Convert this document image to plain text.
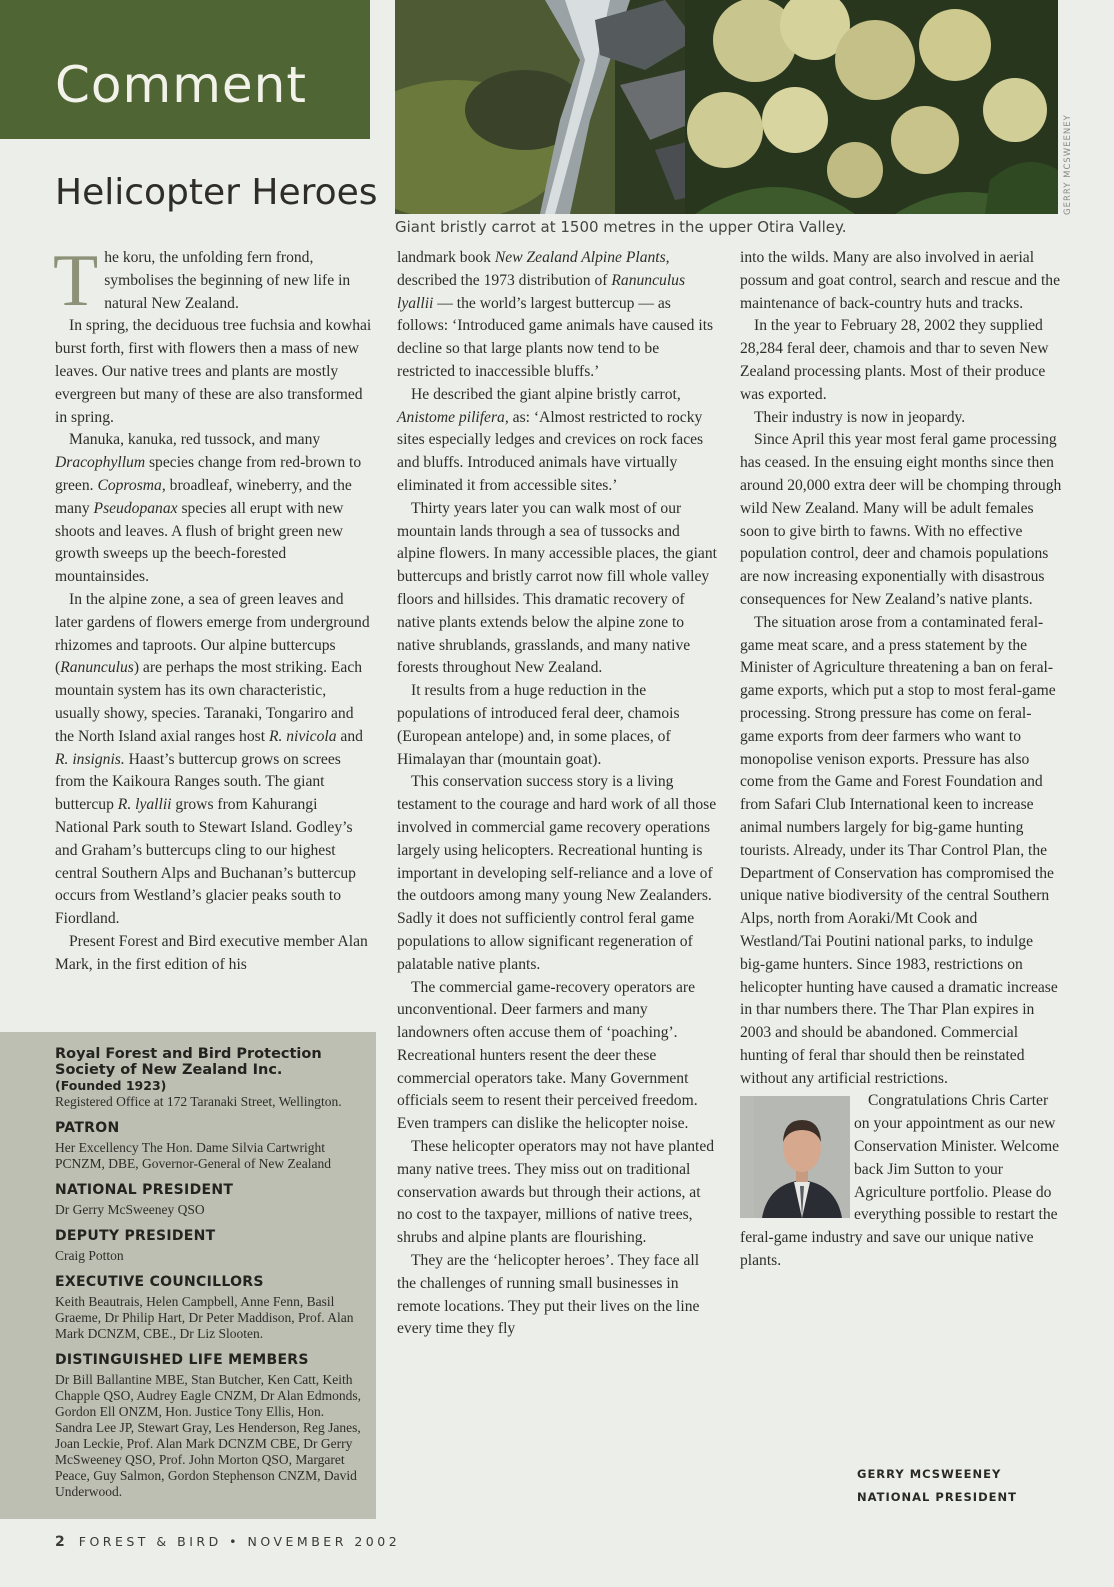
Comment
GERRY MCSWEENEY
Giant bristly carrot at 1500 metres in the upper Otira Valley.
Helicopter Heroes

The koru, the unfolding fern frond, symbolises the beginning of new life in natural New Zealand.

In spring, the deciduous tree fuchsia and kowhai burst forth, first with flowers then a mass of new leaves. Our native trees and plants are mostly evergreen but many of these are also transformed in spring.

Manuka, kanuka, red tussock, and many Dracophyllum species change from red-brown to green. Coprosma, broadleaf, wineberry, and the many Pseudopanax species all erupt with new shoots and leaves. A flush of bright green new growth sweeps up the beech-forested mountainsides.

In the alpine zone, a sea of green leaves and later gardens of flowers emerge from underground rhizomes and taproots. Our alpine buttercups (Ranunculus) are perhaps the most striking. Each mountain system has its own characteristic, usually showy, species. Taranaki, Tongariro and the North Island axial ranges host R. nivicola and R. insignis. Haast’s buttercup grows on screes from the Kaikoura Ranges south. The giant buttercup R. lyallii grows from Kahurangi National Park south to Stewart Island. Godley’s and Graham’s buttercups cling to our highest central Southern Alps and Buchanan’s buttercup occurs from Westland’s glacier peaks south to Fiordland.

Present Forest and Bird executive member Alan Mark, in the first edition of his

landmark book New Zealand Alpine Plants, described the 1973 distribution of Ranunculus lyallii — the world’s largest buttercup — as follows: ‘Introduced game animals have caused its decline so that large plants now tend to be restricted to inaccessible bluffs.’

He described the giant alpine bristly carrot, Anistome pilifera, as: ‘Almost restricted to rocky sites especially ledges and crevices on rock faces and bluffs. Introduced animals have virtually eliminated it from accessible sites.’

Thirty years later you can walk most of our mountain lands through a sea of tussocks and alpine flowers. In many accessible places, the giant buttercups and bristly carrot now fill whole valley floors and hillsides. This dramatic recovery of native plants extends below the alpine zone to native shrublands, grasslands, and many native forests throughout New Zealand.

It results from a huge reduction in the populations of introduced feral deer, chamois (European antelope) and, in some places, of Himalayan thar (mountain goat).

This conservation success story is a living testament to the courage and hard work of all those involved in commercial game recovery operations largely using helicopters. Recreational hunting is important in developing self-reliance and a love of the outdoors among many young New Zealanders. Sadly it does not sufficiently control feral game populations to allow significant regeneration of palatable native plants.

The commercial game-recovery operators are unconventional. Deer farmers and many landowners often accuse them of ‘poaching’. Recreational hunters resent the deer these commercial operators take. Many Government officials seem to resent their perceived freedom. Even trampers can dislike the helicopter noise.

These helicopter operators may not have planted many native trees. They miss out on traditional conservation awards but through their actions, at no cost to the taxpayer, millions of native trees, shrubs and alpine plants are flourishing.

They are the ‘helicopter heroes’. They face all the challenges of running small businesses in remote locations. They put their lives on the line every time they fly

into the wilds. Many are also involved in aerial possum and goat control, search and rescue and the maintenance of back-country huts and tracks.

In the year to February 28, 2002 they supplied 28,284 feral deer, chamois and thar to seven New Zealand processing plants. Most of their produce was exported.

Their industry is now in jeopardy.

Since April this year most feral game processing has ceased. In the ensuing eight months since then around 20,000 extra deer will be chomping through wild New Zealand. Many will be adult females soon to give birth to fawns. With no effective population control, deer and chamois populations are now increasing exponentially with disastrous consequences for New Zealand’s native plants.

The situation arose from a contaminated feral-game meat scare, and a press statement by the Minister of Agriculture threatening a ban on feral-game exports, which put a stop to most feral-game processing. Strong pressure has come on feral-game exports from deer farmers who want to monopolise venison exports. Pressure has also come from the Game and Forest Foundation and from Safari Club International keen to increase animal numbers largely for big-game hunting tourists. Already, under its Thar Control Plan, the Department of Conservation has compromised the unique native biodiversity of the central Southern Alps, north from Aoraki/Mt Cook and Westland/Tai Poutini national parks, to indulge big-game hunters. Since 1983, restrictions on helicopter hunting have caused a dramatic increase in thar numbers there. The Thar Plan expires in 2003 and should be abandoned. Commercial hunting of feral thar should then be reinstated without any artificial restrictions.

Congratulations Chris Carter on your appointment as our new Conservation Minister. Welcome back Jim Sutton to your Agriculture portfolio. Please do everything possible to restart the feral-game industry and save our unique native plants.

GERRY MCSWEENEY
NATIONAL PRESIDENT
Royal Forest and Bird Protection Society of New Zealand Inc.
(Founded 1923)

Registered Office at 172 Taranaki Street, Wellington.

PATRON

Her Excellency The Hon. Dame Silvia Cartwright PCNZM, DBE, Governor-General of New Zealand

NATIONAL PRESIDENT

Dr Gerry McSweeney QSO

DEPUTY PRESIDENT

Craig Potton

EXECUTIVE COUNCILLORS

Keith Beautrais, Helen Campbell, Anne Fenn, Basil Graeme, Dr Philip Hart, Dr Peter Maddison, Prof. Alan Mark DCNZM, CBE., Dr Liz Slooten.

DISTINGUISHED LIFE MEMBERS

Dr Bill Ballantine MBE, Stan Butcher, Ken Catt, Keith Chapple QSO, Audrey Eagle CNZM, Dr Alan Edmonds, Gordon Ell ONZM, Hon. Justice Tony Ellis, Hon. Sandra Lee JP, Stewart Gray, Les Henderson, Reg Janes, Joan Leckie, Prof. Alan Mark DCNZM CBE, Dr Gerry McSweeney QSO, Prof. John Morton QSO, Margaret Peace, Guy Salmon, Gordon Stephenson CNZM, David Underwood.

2 FOREST & BIRD • NOVEMBER 2002
